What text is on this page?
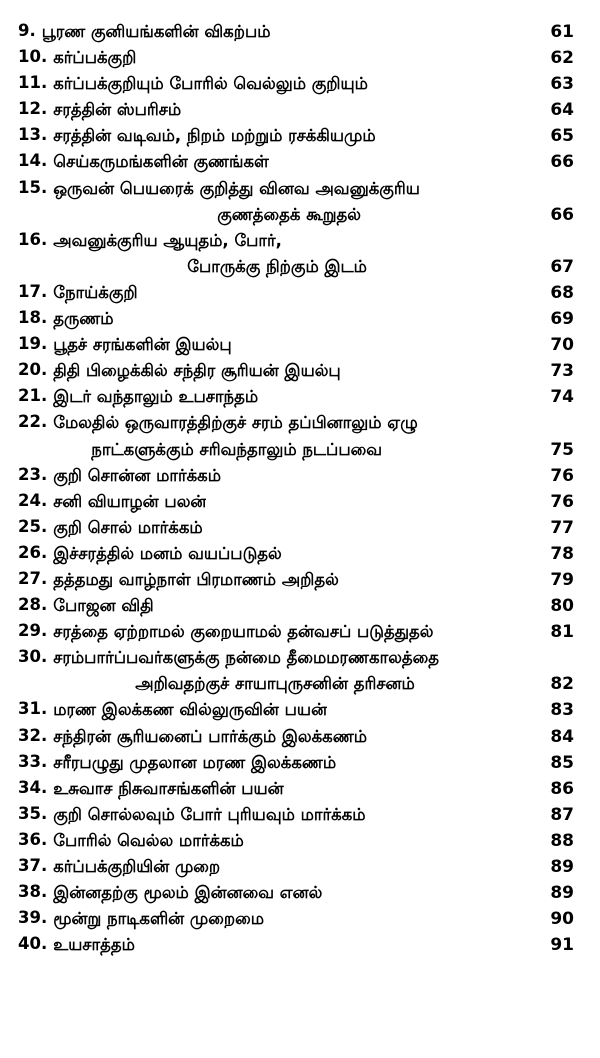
9. பூரண குனியங்களின் விகற்பம்	61
10. கர்ப்பக்குறி	62
11. கர்ப்பக்குறியும் போரில் வெல்லும் குறியும்	63
12. சரத்தின் ஸ்பரிசம்	64
13. சரத்தின் வடிவம், நிறம் மற்றும் ரசக்கியமும்	65
14. செய்கருமங்களின் குணங்கள்	66
15. ஒருவன் பெயரைக் குறித்து வினவ அவனுக்குரிய
குணத்தைக் கூறுதல்	66
16. அவனுக்குரிய ஆயுதம், போர்,
போருக்கு நிற்கும் இடம்	67
17. நோய்க்குறி	68
18. தருணம்	69
19. பூதச் சரங்களின் இயல்பு	70
20. திதி பிழைக்கில் சந்திர சூரியன் இயல்பு	73
21. இடர் வந்தாலும் உபசாந்தம்	74
22. மேலதில் ஒருவாரத்திற்குச் சரம் தப்பினாலும் ஏழு
நாட்களுக்கும் சரிவந்தாலும் நடப்பவை	75
23. குறி சொன்ன மார்க்கம்	76
24. சனி வியாழன் பலன்	76
25. குறி சொல் மார்க்கம்	77
26. இச்சரத்தில் மனம் வயப்படுதல்	78
27. தத்தமது வாழ்நாள் பிரமாணம் அறிதல்	79
28. போஜன விதி	80
29. சரத்தை ஏற்றாமல் குறையாமல் தன்வசப் படுத்துதல்	81
30. சரம்பார்ப்பவர்களுக்கு நன்மை தீமைமரணகாலத்தை
அறிவதற்குச் சாயாபுருசனின் தரிசனம்	82
31. மரண இலக்கண வில்லுருவின் பயன்	83
32. சந்திரன் சூரியனைப் பார்க்கும் இலக்கணம்	84
33. சரீரபழுது முதலான மரண இலக்கணம்	85
34. உசுவாச நிசுவாசங்களின் பயன்	86
35. குறி சொல்லவும் போர் புரியவும் மார்க்கம்	87
36. போரில் வெல்ல மார்க்கம்	88
37. கர்ப்பக்குறியின் முறை	89
38. இன்னதற்கு மூலம் இன்னவை எனல்	89
39. மூன்று நாடிகளின் முறைமை	90
40. உயசாத்தம்	91
